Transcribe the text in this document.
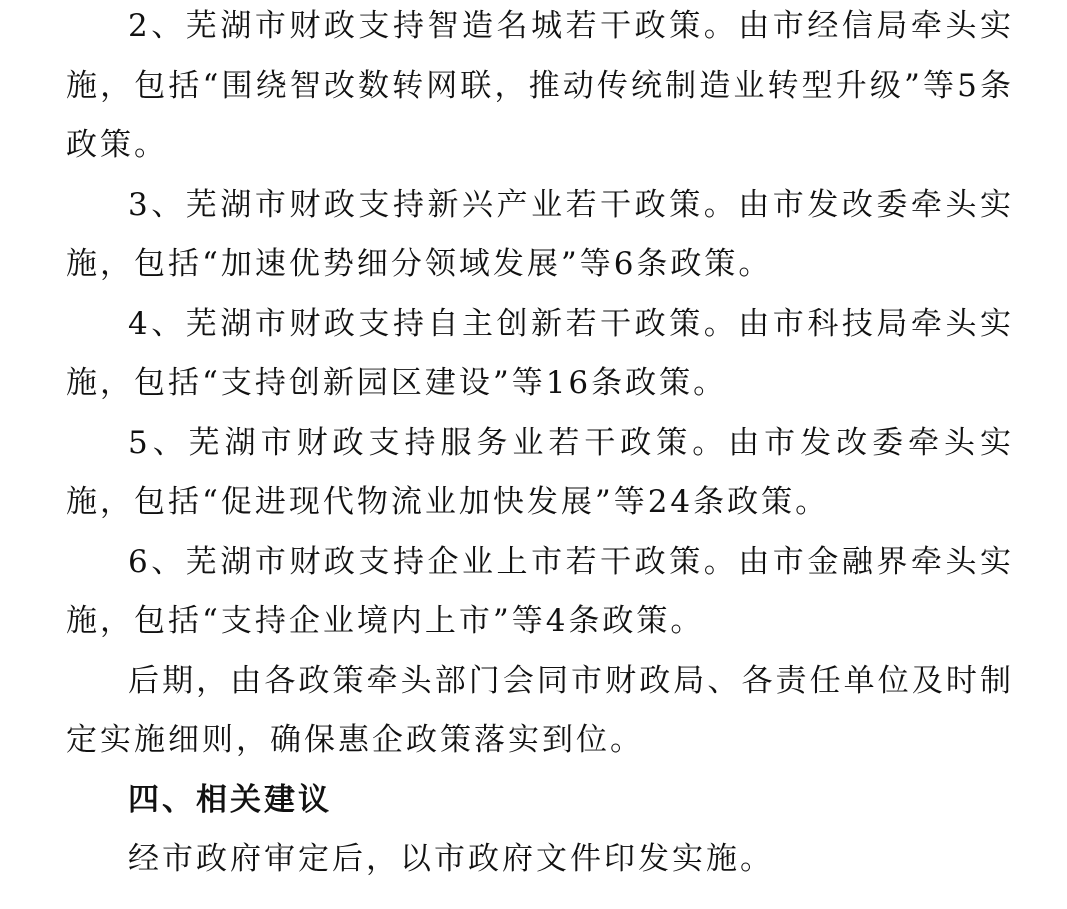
2、芜湖市财政支持智造名城若干政策。由市经信局牵头实施，包括“围绕智改数转网联，推动传统制造业转型升级”等5条政策。

3、芜湖市财政支持新兴产业若干政策。由市发改委牵头实施，包括“加速优势细分领域发展”等6条政策。

4、芜湖市财政支持自主创新若干政策。由市科技局牵头实施，包括“支持创新园区建设”等16条政策。

5、芜湖市财政支持服务业若干政策。由市发改委牵头实施，包括“促进现代物流业加快发展”等24条政策。

6、芜湖市财政支持企业上市若干政策。由市金融界牵头实施，包括“支持企业境内上市”等4条政策。

后期，由各政策牵头部门会同市财政局、各责任单位及时制定实施细则，确保惠企政策落实到位。

四、相关建议

经市政府审定后，以市政府文件印发实施。
